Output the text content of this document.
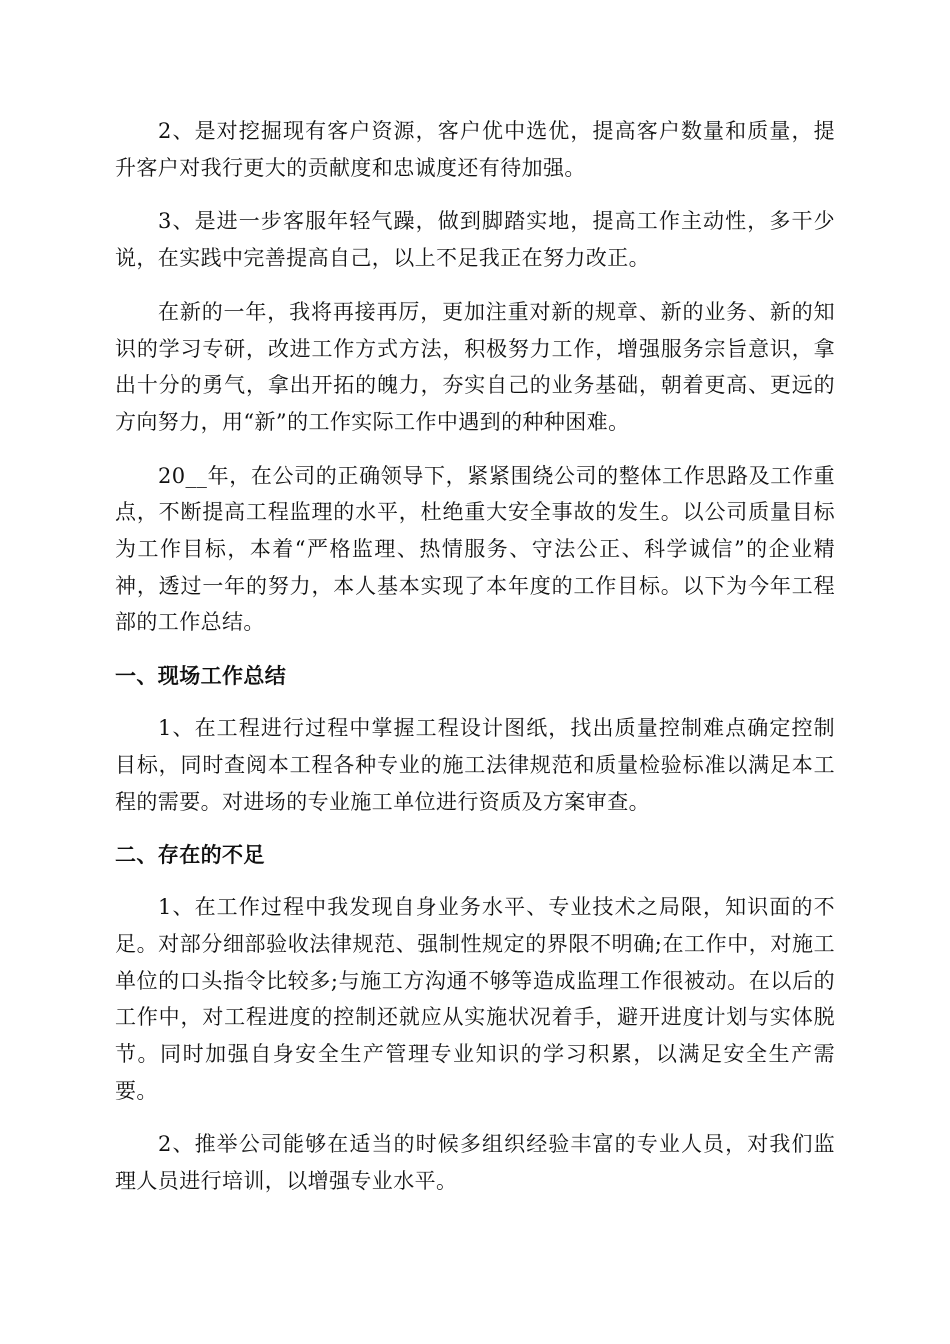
2、是对挖掘现有客户资源，客户优中选优，提高客户数量和质量，提升客户对我行更大的贡献度和忠诚度还有待加强。

3、是进一步客服年轻气躁，做到脚踏实地，提高工作主动性，多干少说，在实践中完善提高自己，以上不足我正在努力改正。

在新的一年，我将再接再厉，更加注重对新的规章、新的业务、新的知识的学习专研，改进工作方式方法，积极努力工作，增强服务宗旨意识，拿出十分的勇气，拿出开拓的魄力，夯实自己的业务基础，朝着更高、更远的方向努力，用“新”的工作实际工作中遇到的种种困难。

20__年，在公司的正确领导下，紧紧围绕公司的整体工作思路及工作重点，不断提高工程监理的水平，杜绝重大安全事故的发生。以公司质量目标为工作目标，本着“严格监理、热情服务、守法公正、科学诚信”的企业精神，透过一年的努力，本人基本实现了本年度的工作目标。以下为今年工程部的工作总结。

一、现场工作总结

1、在工程进行过程中掌握工程设计图纸，找出质量控制难点确定控制目标，同时查阅本工程各种专业的施工法律规范和质量检验标准以满足本工程的需要。对进场的专业施工单位进行资质及方案审查。

二、存在的不足

1、在工作过程中我发现自身业务水平、专业技术之局限，知识面的不足。对部分细部验收法律规范、强制性规定的界限不明确;在工作中，对施工单位的口头指令比较多;与施工方沟通不够等造成监理工作很被动。在以后的工作中，对工程进度的控制还就应从实施状况着手，避开进度计划与实体脱节。同时加强自身安全生产管理专业知识的学习积累，以满足安全生产需要。

2、推举公司能够在适当的时候多组织经验丰富的专业人员，对我们监理人员进行培训，以增强专业水平。
